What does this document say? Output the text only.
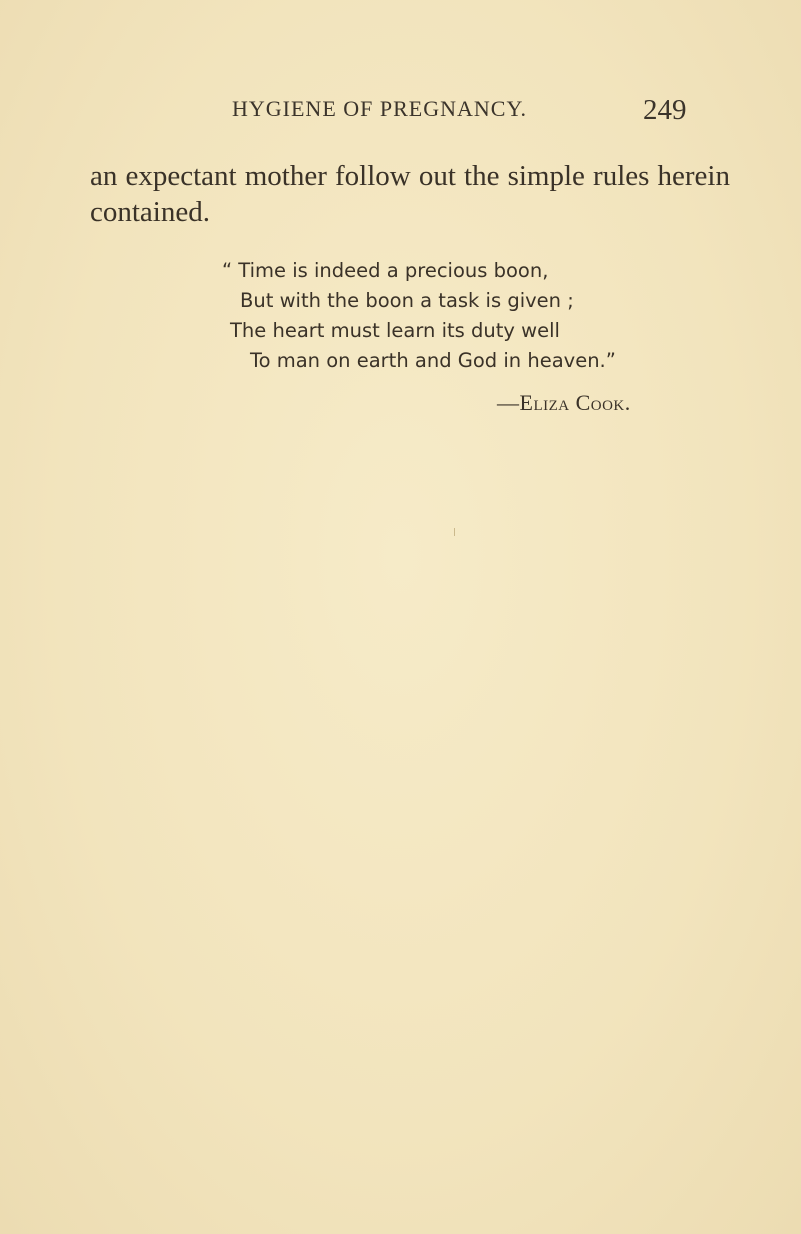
HYGIENE OF PREGNANCY.	249

an expectant mother follow out the simple rules herein contained.

“ Time is indeed a precious boon,
But with the boon a task is given ;
The heart must learn its duty well
To man on earth and God in heaven.”
—Eliza Cook.
